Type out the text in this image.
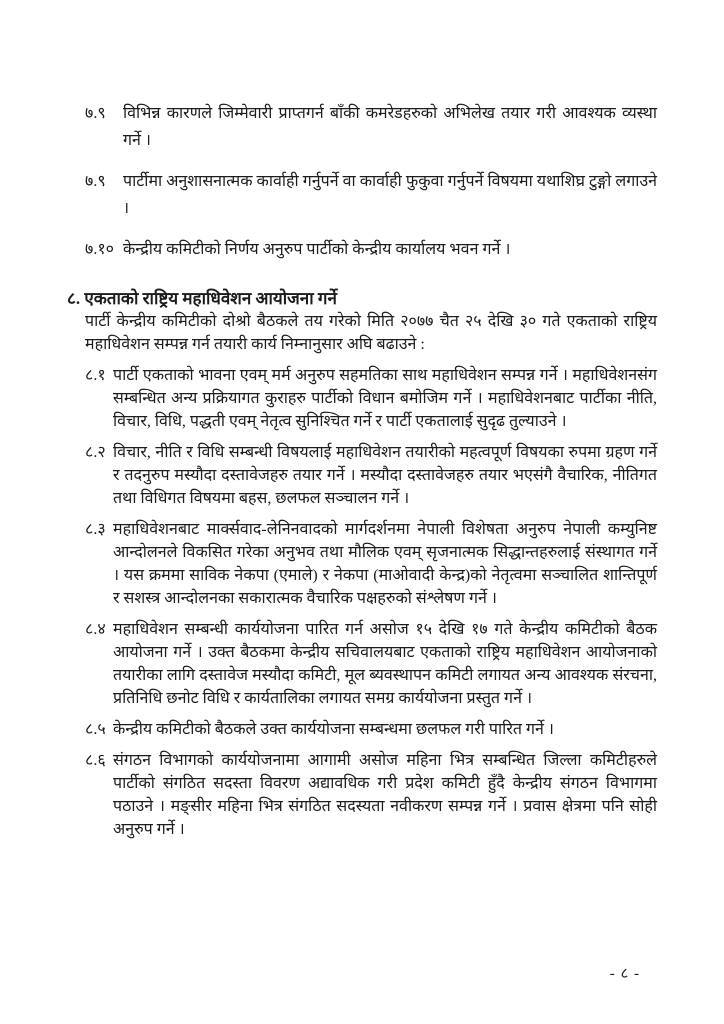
७.९	विभिन्न कारणले जिम्मेवारी प्राप्तगर्न बाँकी कमरेडहरुको अभिलेख तयार गरी आवश्यक व्यस्था गर्ने ।
७.९	पार्टीमा अनुशासनात्मक कार्वाही गर्नुपर्ने वा कार्वाही फुकुवा गर्नुपर्ने विषयमा यथाशिघ्र टुङ्गो लगाउने ।
७.१० केन्द्रीय कमिटीको निर्णय अनुरुप पार्टीको केन्द्रीय कार्यालय भवन गर्ने ।
८. एकताको राष्ट्रिय महाधिवेशन आयोजना गर्ने

पार्टी केन्द्रीय कमिटीको दोश्रो बैठकले तय गरेको मिति २०७७ चैत २५ देखि ३० गते एकताको राष्ट्रिय महाधिवेशन सम्पन्न गर्न तयारी कार्य निम्नानुसार अघि बढाउने :

८.१ पार्टी एकताको भावना एवम् मर्म अनुरुप सहमतिका साथ महाधिवेशन सम्पन्न गर्ने । महाधिवेशनसंग सम्बन्धित अन्य प्रक्रियागत कुराहरु पार्टीको विधान बमोजिम गर्ने । महाधिवेशनबाट पार्टीका नीति, विचार, विधि, पद्धती एवम् नेतृत्व सुनिश्चित गर्ने र पार्टी एकतालाई सुदृढ तुल्याउने ।
८.२ विचार, नीति र विधि सम्बन्धी विषयलाई महाधिवेशन तयारीको महत्वपूर्ण विषयका रुपमा ग्रहण गर्ने र तदनुरुप मस्यौदा दस्तावेजहरु तयार गर्ने । मस्यौदा दस्तावेजहरु तयार भएसंगै वैचारिक, नीतिगत तथा विधिगत विषयमा बहस, छलफल सञ्चालन गर्ने ।
८.३ महाधिवेशनबाट मार्क्सवाद-लेनिनवादको मार्गदर्शनमा नेपाली विशेषता अनुरुप नेपाली कम्युनिष्ट आन्दोलनले विकसित गरेका अनुभव तथा मौलिक एवम् सृजनात्मक सिद्धान्तहरुलाई संस्थागत गर्ने । यस क्रममा साविक नेकपा (एमाले) र नेकपा (माओवादी केन्द्र)को नेतृत्वमा सञ्चालित शान्तिपूर्ण र सशस्त्र आन्दोलनका सकारात्मक वैचारिक पक्षहरुको संश्लेषण गर्ने ।
८.४ महाधिवेशन सम्बन्धी कार्ययोजना पारित गर्न असोज १५ देखि १७ गते केन्द्रीय कमिटीको बैठक आयोजना गर्ने । उक्त बैठकमा केन्द्रीय सचिवालयबाट एकताको राष्ट्रिय महाधिवेशन आयोजनाको तयारीका लागि दस्तावेज मस्यौदा कमिटी, मूल ब्यवस्थापन कमिटी लगायत अन्य आवश्यक संरचना, प्रतिनिधि छनोट विधि र कार्यतालिका लगायत समग्र कार्ययोजना प्रस्तुत गर्ने ।
८.५ केन्द्रीय कमिटीको बैठकले उक्त कार्ययोजना सम्बन्धमा छलफल गरी पारित गर्ने ।
८.६ संगठन विभागको कार्ययोजनामा आगामी असोज महिना भित्र सम्बन्धित जिल्ला कमिटीहरुले पार्टीको संगठित सदस्ता विवरण अद्यावधिक गरी प्रदेश कमिटी हुँदै केन्द्रीय संगठन विभागमा पठाउने । मङ्सीर महिना भित्र संगठित सदस्यता नवीकरण सम्पन्न गर्ने । प्रवास क्षेत्रमा पनि सोही अनुरुप गर्ने ।
- ८ -
